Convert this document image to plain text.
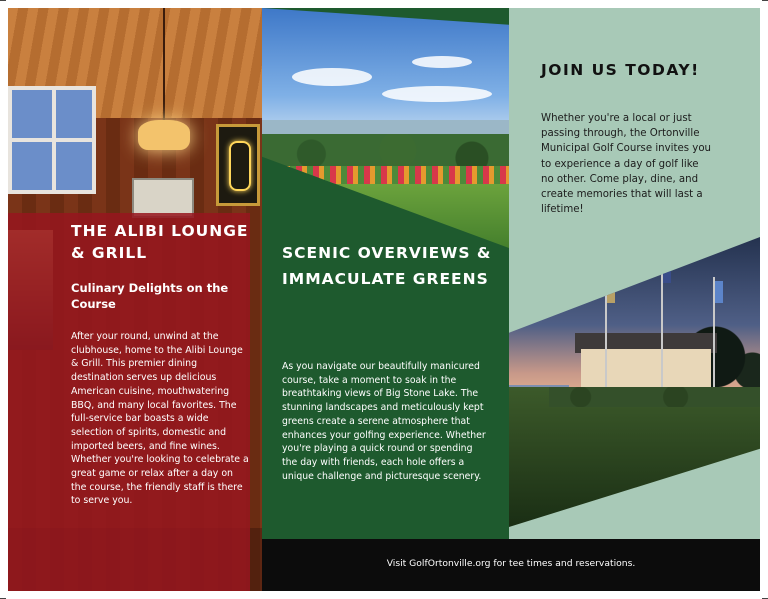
THE ALIBI LOUNGE & GRILL
Culinary Delights on the Course
After your round, unwind at the clubhouse, home to the Alibi Lounge & Grill. This premier dining destination serves up delicious American cuisine, mouthwatering BBQ, and many local favorites. The full-service bar boasts a wide selection of spirits, domestic and imported beers, and fine wines. Whether you're looking to celebrate a great game or relax after a day on the course, the friendly staff is there to serve you.
SCENIC OVERVIEWS & IMMACULATE GREENS
As you navigate our beautifully manicured course, take a moment to soak in the breathtaking views of Big Stone Lake. The stunning landscapes and meticulously kept greens create a serene atmosphere that enhances your golfing experience. Whether you're playing a quick round or spending the day with friends, each hole offers a unique challenge and picturesque scenery.
JOIN US TODAY!
Whether you're a local or just passing through, the Ortonville Municipal Golf Course invites you to experience a day of golf like no other. Come play, dine, and create memories that will last a lifetime!
Visit GolfOrtonville.org for tee times and reservations.
